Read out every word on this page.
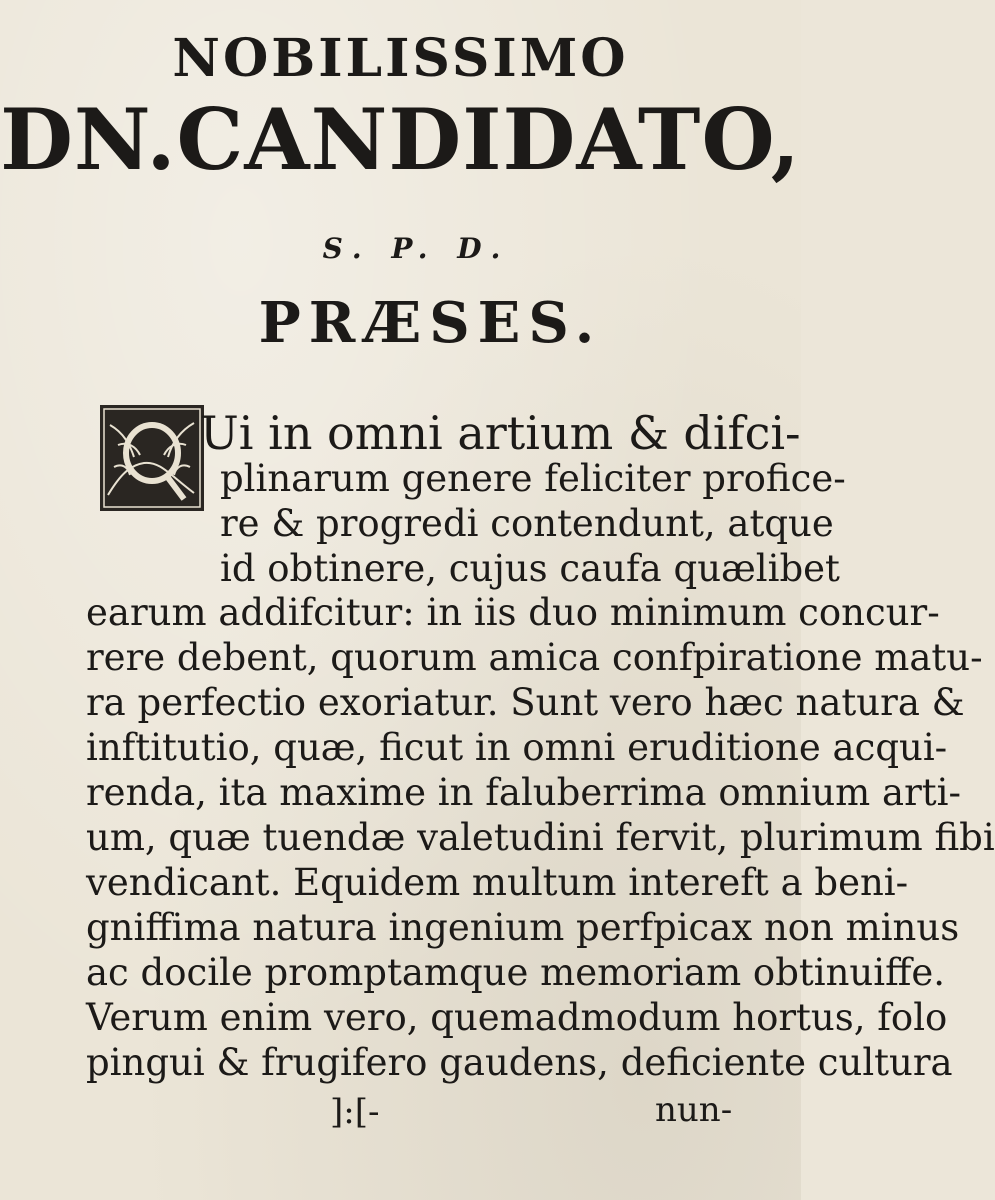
NOBILISSIMO
DN.CANDIDATO,
S. P. D.
PRÆSES.
Ui in omni artium & difci-
plinarum genere feliciter profice-
re & progredi contendunt, atque
id obtinere, cujus caufa quælibet
earum addifcitur: in iis duo minimum concur-
rere debent, quorum amica confpiratione matu-
ra perfectio exoriatur. Sunt vero hæc natura &
inftitutio, quæ, ficut in omni eruditione acqui-
renda, ita maxime in faluberrima omnium arti-
um, quæ tuendæ valetudini fervit, plurimum fibi
vendicant. Equidem multum intereft a beni-
gniffima natura ingenium perfpicax non minus
ac docile promptamque memoriam obtinuiffe.
Verum enim vero, quemadmodum hortus, folo
pingui & frugifero gaudens, deficiente cultura
]:[-	nun-
